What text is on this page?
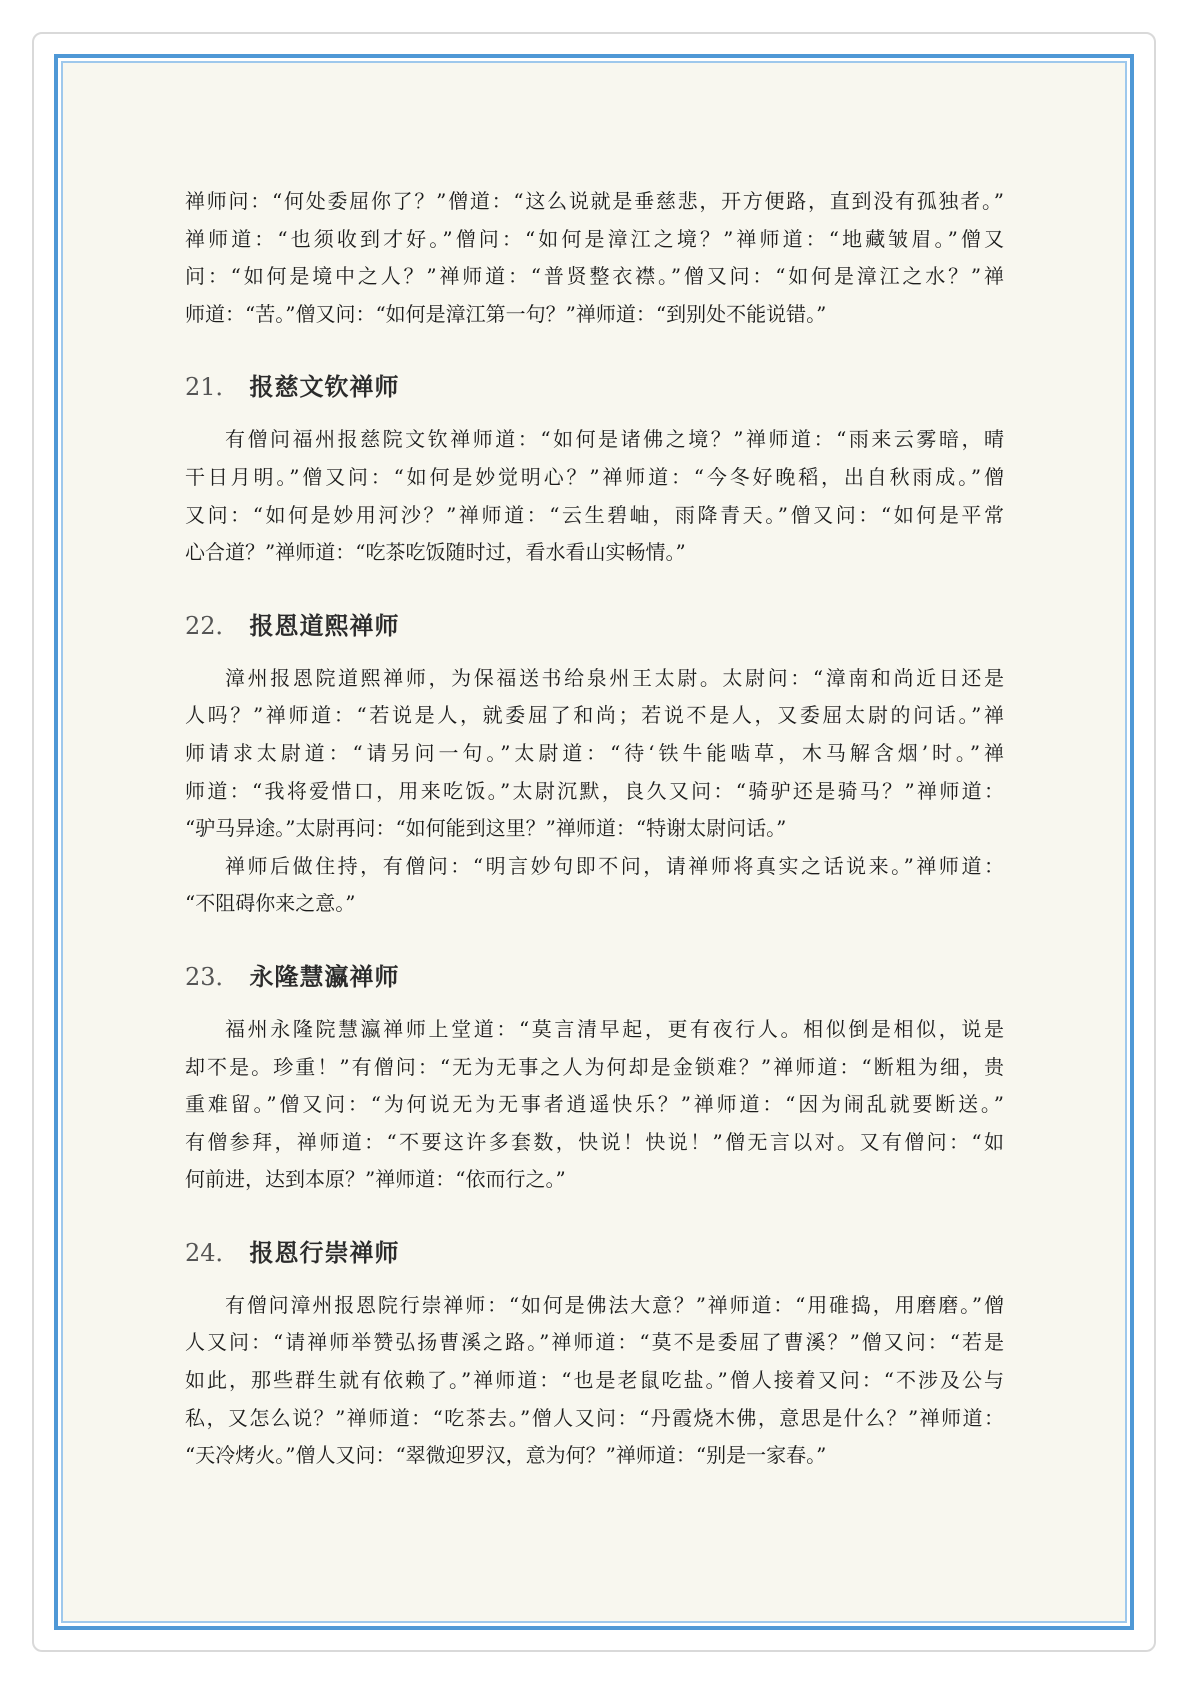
禅师问：“何处委屈你了？”僧道：“这么说就是垂慈悲，开方便路，直到没有孤独者。”
禅师道：“也须收到才好。”僧问：“如何是漳江之境？”禅师道：“地藏皱眉。”僧又
问：“如何是境中之人？”禅师道：“普贤整衣襟。”僧又问：“如何是漳江之水？”禅
师道：“苦。”僧又问：“如何是漳江第一句？”禅师道：“到别处不能说错。”
21． 报慈文钦禅师
有僧问福州报慈院文钦禅师道：“如何是诸佛之境？”禅师道：“雨来云雾暗，晴
干日月明。”僧又问：“如何是妙觉明心？”禅师道：“今冬好晚稻，出自秋雨成。”僧
又问：“如何是妙用河沙？”禅师道：“云生碧岫，雨降青天。”僧又问：“如何是平常
心合道？”禅师道：“吃茶吃饭随时过，看水看山实畅情。”
22． 报恩道熙禅师
漳州报恩院道熙禅师，为保福送书给泉州王太尉。太尉问：“漳南和尚近日还是
人吗？”禅师道：“若说是人，就委屈了和尚；若说不是人，又委屈太尉的问话。”禅
师请求太尉道：“请另问一句。”太尉道：“待‘铁牛能啮草，木马解含烟’时。”禅
师道：“我将爱惜口，用来吃饭。”太尉沉默，良久又问：“骑驴还是骑马？”禅师道：
“驴马异途。”太尉再问：“如何能到这里？”禅师道：“特谢太尉问话。”
禅师后做住持，有僧问：“明言妙句即不问，请禅师将真实之话说来。”禅师道：
“不阻碍你来之意。”
23． 永隆慧瀛禅师
福州永隆院慧瀛禅师上堂道：“莫言清早起，更有夜行人。相似倒是相似，说是
却不是。珍重！”有僧问：“无为无事之人为何却是金锁难？”禅师道：“断粗为细，贵
重难留。”僧又问：“为何说无为无事者逍遥快乐？”禅师道：“因为闹乱就要断送。”
有僧参拜，禅师道：“不要这许多套数，快说！快说！”僧无言以对。又有僧问：“如
何前进，达到本原？”禅师道：“依而行之。”
24． 报恩行崇禅师
有僧问漳州报恩院行崇禅师：“如何是佛法大意？”禅师道：“用碓捣，用磨磨。”僧
人又问：“请禅师举赞弘扬曹溪之路。”禅师道：“莫不是委屈了曹溪？”僧又问：“若是
如此，那些群生就有依赖了。”禅师道：“也是老鼠吃盐。”僧人接着又问：“不涉及公与
私，又怎么说？”禅师道：“吃茶去。”僧人又问：“丹霞烧木佛，意思是什么？”禅师道：
“天冷烤火。”僧人又问：“翠微迎罗汉，意为何？”禅师道：“别是一家春。”
